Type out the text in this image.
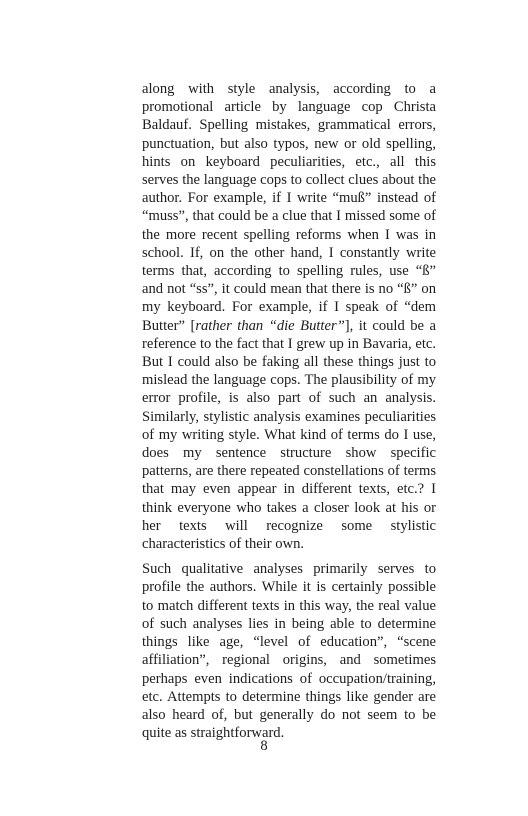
along with style analysis, according to a promotional article by language cop Christa Baldauf. Spelling mistakes, grammatical errors, punctuation, but also typos, new or old spelling, hints on keyboard peculiarities, etc., all this serves the language cops to collect clues about the author. For example, if I write “muß” instead of “muss”, that could be a clue that I missed some of the more recent spelling reforms when I was in school. If, on the other hand, I constantly write terms that, according to spelling rules, use “ß” and not “ss”, it could mean that there is no “ß” on my keyboard. For example, if I speak of “dem Butter” [rather than “die Butter”], it could be a reference to the fact that I grew up in Bavaria, etc. But I could also be faking all these things just to mislead the language cops. The plausibility of my error profile, is also part of such an analysis. Similarly, stylistic analysis examines peculiarities of my writing style. What kind of terms do I use, does my sentence structure show specific patterns, are there repeated constellations of terms that may even appear in different texts, etc.? I think everyone who takes a closer look at his or her texts will recognize some stylistic characteristics of their own.

Such qualitative analyses primarily serves to profile the authors. While it is certainly possible to match different texts in this way, the real value of such analyses lies in being able to determine things like age, “level of education”, “scene affiliation”, regional origins, and sometimes perhaps even indications of occupation/training, etc. Attempts to determine things like gender are also heard of, but generally do not seem to be quite as straightforward.

8
